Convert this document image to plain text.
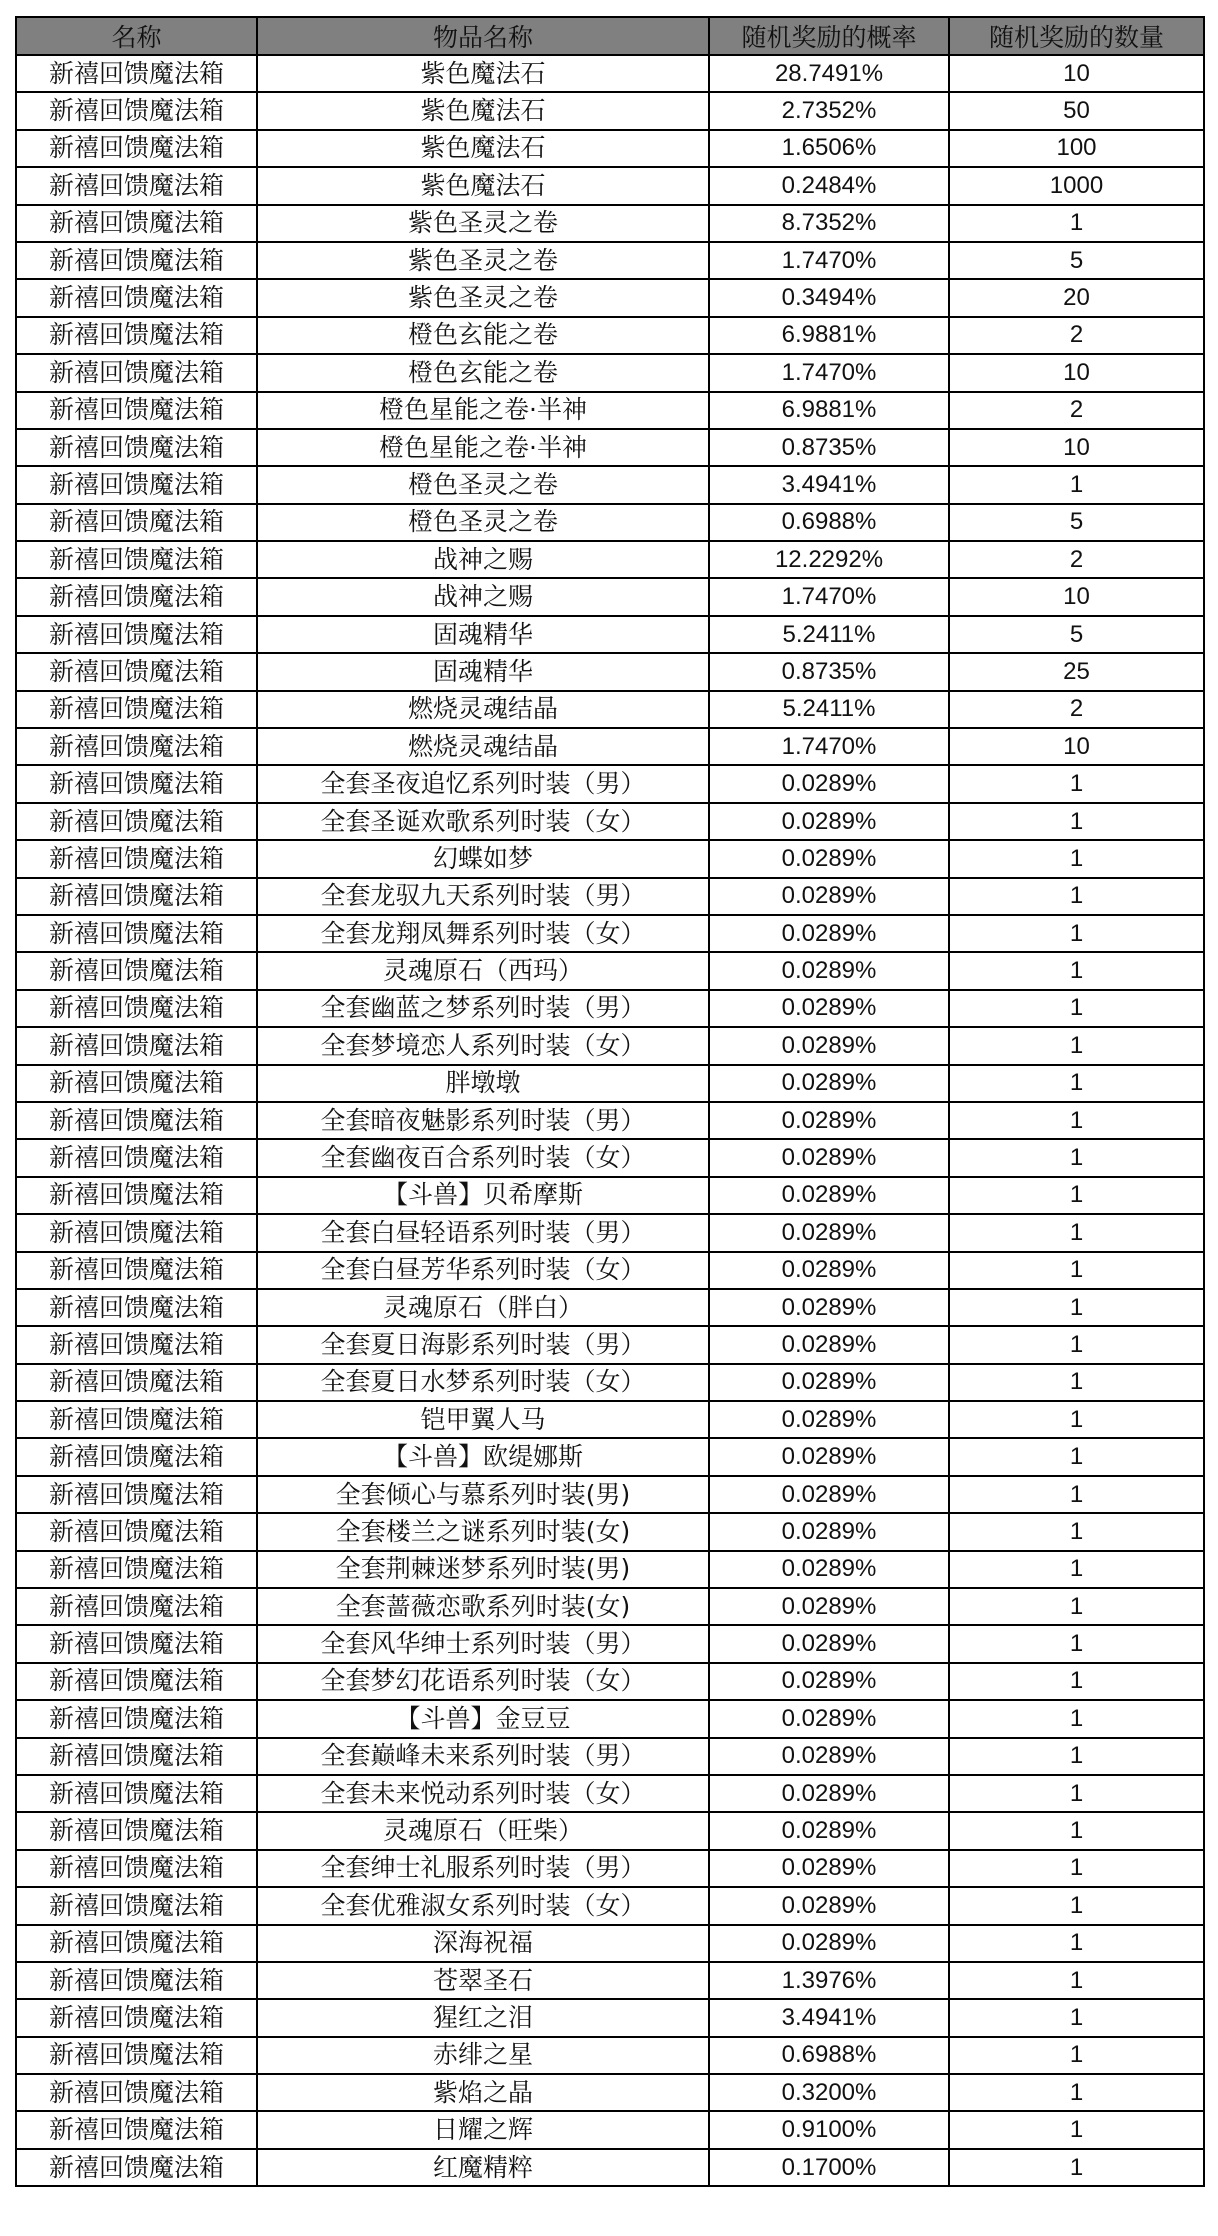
名称	物品名称	随机奖励的概率	随机奖励的数量
新禧回馈魔法箱	紫色魔法石	28.7491%	10
新禧回馈魔法箱	紫色魔法石	2.7352%	50
新禧回馈魔法箱	紫色魔法石	1.6506%	100
新禧回馈魔法箱	紫色魔法石	0.2484%	1000
新禧回馈魔法箱	紫色圣灵之卷	8.7352%	1
新禧回馈魔法箱	紫色圣灵之卷	1.7470%	5
新禧回馈魔法箱	紫色圣灵之卷	0.3494%	20
新禧回馈魔法箱	橙色玄能之卷	6.9881%	2
新禧回馈魔法箱	橙色玄能之卷	1.7470%	10
新禧回馈魔法箱	橙色星能之卷·半神	6.9881%	2
新禧回馈魔法箱	橙色星能之卷·半神	0.8735%	10
新禧回馈魔法箱	橙色圣灵之卷	3.4941%	1
新禧回馈魔法箱	橙色圣灵之卷	0.6988%	5
新禧回馈魔法箱	战神之赐	12.2292%	2
新禧回馈魔法箱	战神之赐	1.7470%	10
新禧回馈魔法箱	固魂精华	5.2411%	5
新禧回馈魔法箱	固魂精华	0.8735%	25
新禧回馈魔法箱	燃烧灵魂结晶	5.2411%	2
新禧回馈魔法箱	燃烧灵魂结晶	1.7470%	10
新禧回馈魔法箱	全套圣夜追忆系列时装（男）	0.0289%	1
新禧回馈魔法箱	全套圣诞欢歌系列时装（女）	0.0289%	1
新禧回馈魔法箱	幻蝶如梦	0.0289%	1
新禧回馈魔法箱	全套龙驭九天系列时装（男）	0.0289%	1
新禧回馈魔法箱	全套龙翔凤舞系列时装（女）	0.0289%	1
新禧回馈魔法箱	灵魂原石（西玛）	0.0289%	1
新禧回馈魔法箱	全套幽蓝之梦系列时装（男）	0.0289%	1
新禧回馈魔法箱	全套梦境恋人系列时装（女）	0.0289%	1
新禧回馈魔法箱	胖墩墩	0.0289%	1
新禧回馈魔法箱	全套暗夜魅影系列时装（男）	0.0289%	1
新禧回馈魔法箱	全套幽夜百合系列时装（女）	0.0289%	1
新禧回馈魔法箱	【斗兽】贝希摩斯	0.0289%	1
新禧回馈魔法箱	全套白昼轻语系列时装（男）	0.0289%	1
新禧回馈魔法箱	全套白昼芳华系列时装（女）	0.0289%	1
新禧回馈魔法箱	灵魂原石（胖白）	0.0289%	1
新禧回馈魔法箱	全套夏日海影系列时装（男）	0.0289%	1
新禧回馈魔法箱	全套夏日水梦系列时装（女）	0.0289%	1
新禧回馈魔法箱	铠甲翼人马	0.0289%	1
新禧回馈魔法箱	【斗兽】欧缇娜斯	0.0289%	1
新禧回馈魔法箱	全套倾心与慕系列时装(男)	0.0289%	1
新禧回馈魔法箱	全套楼兰之谜系列时装(女)	0.0289%	1
新禧回馈魔法箱	全套荆棘迷梦系列时装(男)	0.0289%	1
新禧回馈魔法箱	全套蔷薇恋歌系列时装(女)	0.0289%	1
新禧回馈魔法箱	全套风华绅士系列时装（男）	0.0289%	1
新禧回馈魔法箱	全套梦幻花语系列时装（女）	0.0289%	1
新禧回馈魔法箱	【斗兽】金豆豆	0.0289%	1
新禧回馈魔法箱	全套巅峰未来系列时装（男）	0.0289%	1
新禧回馈魔法箱	全套未来悦动系列时装（女）	0.0289%	1
新禧回馈魔法箱	灵魂原石（旺柴）	0.0289%	1
新禧回馈魔法箱	全套绅士礼服系列时装（男）	0.0289%	1
新禧回馈魔法箱	全套优雅淑女系列时装（女）	0.0289%	1
新禧回馈魔法箱	深海祝福	0.0289%	1
新禧回馈魔法箱	苍翠圣石	1.3976%	1
新禧回馈魔法箱	猩红之泪	3.4941%	1
新禧回馈魔法箱	赤绯之星	0.6988%	1
新禧回馈魔法箱	紫焰之晶	0.3200%	1
新禧回馈魔法箱	日耀之辉	0.9100%	1
新禧回馈魔法箱	红魔精粹	0.1700%	1
